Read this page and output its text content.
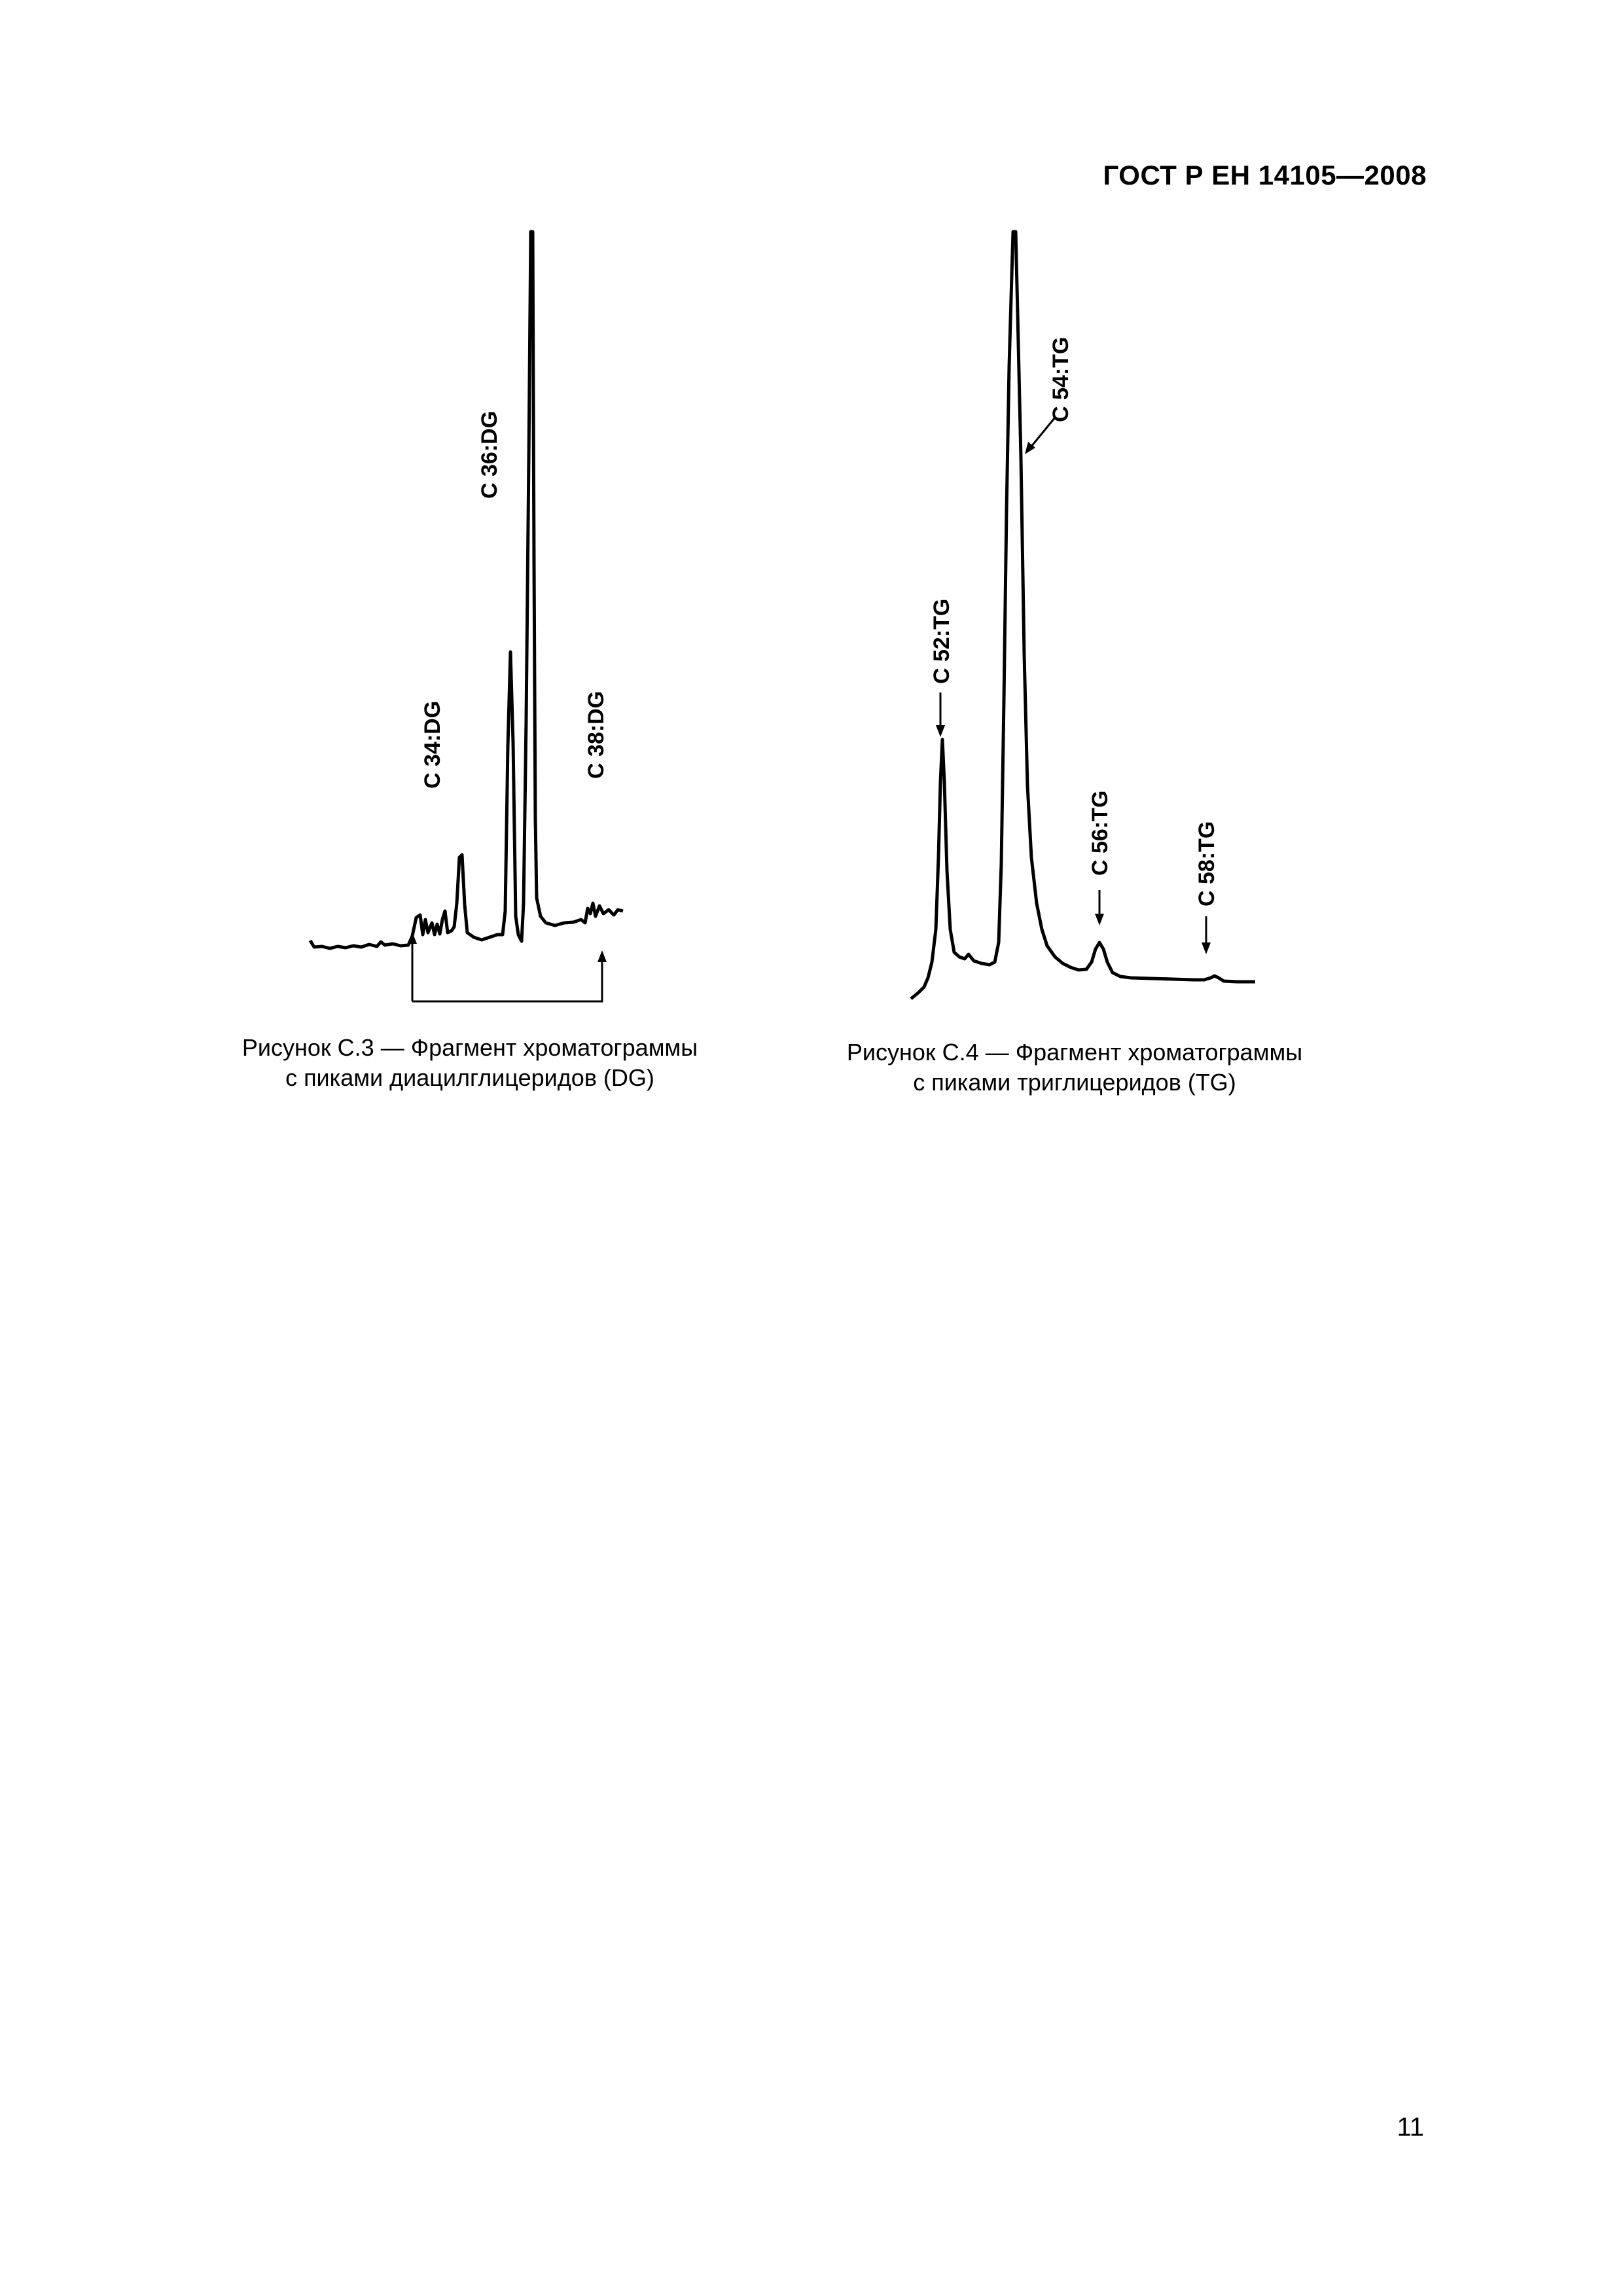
ГОСТ Р ЕН 14105—2008
C 34:DG
C 36:DG
C 38:DG
C 52:TG
C 54:TG
C 56:TG	C 58:TG
Рисунок С.3 — Фрагмент хроматограммы
с пиками диацилглицеридов (DG)
Рисунок С.4 — Фрагмент хроматограммы
с пиками триглицеридов (TG)
11
